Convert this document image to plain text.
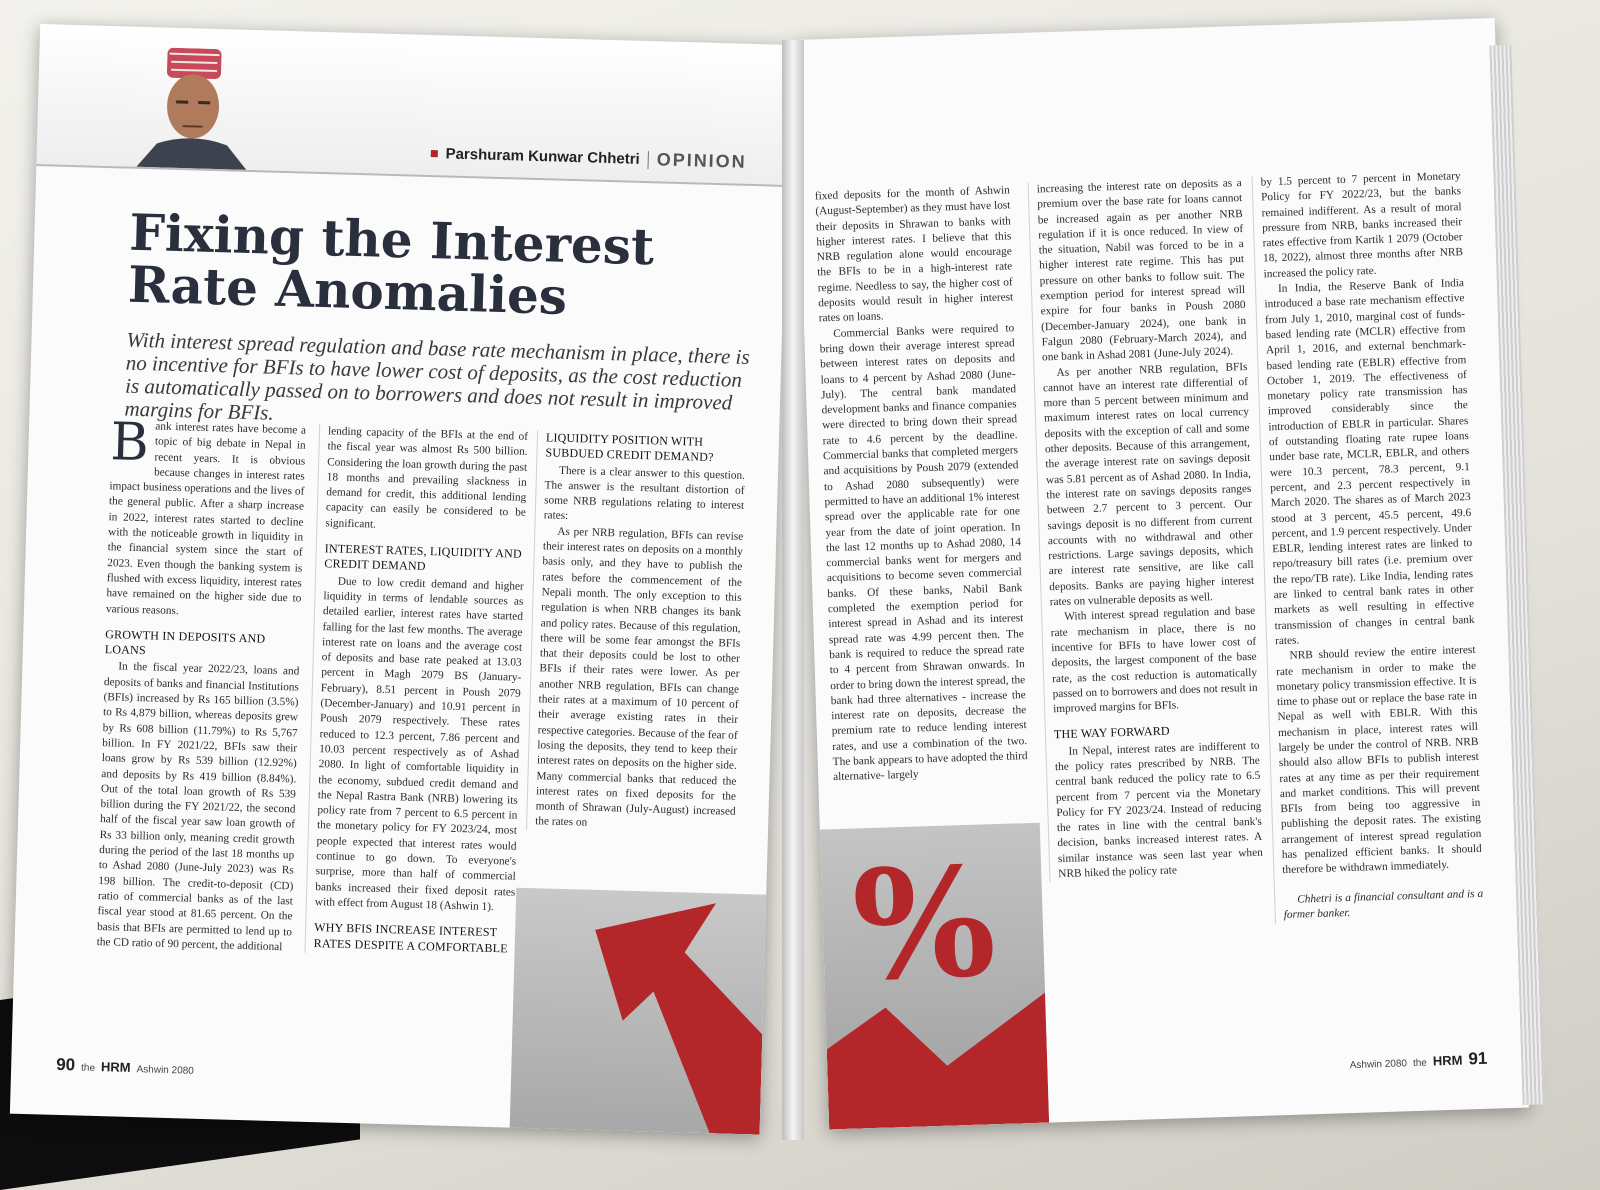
Parshuram Kunwar Chhetri OPINION
Fixing the Interest Rate Anomalies

With interest spread regulation and base rate mechanism in place, there is no incentive for BFIs to have lower cost of deposits, as the cost reduction is automatically passed on to borrowers and does not result in improved margins for BFIs.

Bank interest rates have become a topic of big debate in Nepal in recent years. It is obvious because changes in interest rates impact business operations and the lives of the general public. After a sharp increase in 2022, interest rates started to decline with the noticeable growth in liquidity in the financial system since the start of 2023. Even though the banking system is flushed with excess liquidity, interest rates have remained on the higher side due to various reasons.

GROWTH IN DEPOSITS AND LOANS

In the fiscal year 2022/23, loans and deposits of banks and financial Institutions (BFIs) increased by Rs 165 billion (3.5%) to Rs 4,879 billion, whereas deposits grew by Rs 608 billion (11.79%) to Rs 5,767 billion. In FY 2021/22, BFIs saw their loans grow by Rs 539 billion (12.92%) and deposits by Rs 419 billion (8.84%). Out of the total loan growth of Rs 539 billion during the FY 2021/22, the second half of the fiscal year saw loan growth of Rs 33 billion only, meaning credit growth during the period of the last 18 months up to Ashad 2080 (June-July 2023) was Rs 198 billion. The credit-to-deposit (CD) ratio of commercial banks as of the last fiscal year stood at 81.65 percent. On the basis that BFIs are permitted to lend up to the CD ratio of 90 percent, the additional

lending capacity of the BFIs at the end of the fiscal year was almost Rs 500 billion. Considering the loan growth during the past 18 months and prevailing slackness in demand for credit, this additional lending capacity can easily be considered to be significant.

INTEREST RATES, LIQUIDITY AND CREDIT DEMAND

Due to low credit demand and higher liquidity in terms of lendable sources as detailed earlier, interest rates have started falling for the last few months. The average interest rate on loans and the average cost of deposits and base rate peaked at 13.03 percent in Magh 2079 BS (January-February), 8.51 percent in Poush 2079 (December-January) and 10.91 percent in Poush 2079 respectively. These rates reduced to 12.3 percent, 7.86 percent and 10.03 percent respectively as of Ashad 2080. In light of comfortable liquidity in the economy, subdued credit demand and the Nepal Rastra Bank (NRB) lowering its policy rate from 7 percent to 6.5 percent in the monetary policy for FY 2023/24, most people expected that interest rates would continue to go down. To everyone's surprise, more than half of commercial banks increased their fixed deposit rates with effect from August 18 (Ashwin 1).

WHY BFIS INCREASE INTEREST RATES DESPITE A COMFORTABLE
LIQUIDITY POSITION WITH SUBDUED CREDIT DEMAND?

There is a clear answer to this question. The answer is the resultant distortion of some NRB regulations relating to interest rates:

As per NRB regulation, BFIs can revise their interest rates on deposits on a monthly basis only, and they have to publish the rates before the commencement of the Nepali month. The only exception to this regulation is when NRB changes its bank and policy rates. Because of this regulation, there will be some fear amongst the BFIs that their deposits could be lost to other BFIs if their rates were lower. As per another NRB regulation, BFIs can change their rates at a maximum of 10 percent of their average existing rates in their respective categories. Because of the fear of losing the deposits, they tend to keep their interest rates on deposits on the higher side. Many commercial banks that reduced the interest rates on fixed deposits for the month of Shrawan (July-August) increased the rates on

90 the HRM Ashwin 2080

fixed deposits for the month of Ashwin (August-September) as they must have lost their deposits in Shrawan to banks with higher interest rates. I believe that this NRB regulation alone would encourage the BFIs to be in a high-interest rate regime. Needless to say, the higher cost of deposits would result in higher interest rates on loans.

Commercial Banks were required to bring down their average interest spread between interest rates on deposits and loans to 4 percent by Ashad 2080 (June-July). The central bank mandated development banks and finance companies were directed to bring down their spread rate to 4.6 percent by the deadline. Commercial banks that completed mergers and acquisitions by Poush 2079 (extended to Ashad 2080 subsequently) were permitted to have an additional 1% interest spread over the applicable rate for one year from the date of joint operation. In the last 12 months up to Ashad 2080, 14 commercial banks went for mergers and acquisitions to become seven commercial banks. Of these banks, Nabil Bank completed the exemption period for interest spread in Ashad and its interest spread rate was 4.99 percent then. The bank is required to reduce the spread rate to 4 percent from Shrawan onwards. In order to bring down the interest spread, the bank had three alternatives - increase the interest rate on deposits, decrease the premium rate to reduce lending interest rates, and use a combination of the two. The bank appears to have adopted the third alternative- largely

%

increasing the interest rate on deposits as a premium over the base rate for loans cannot be increased again as per another NRB regulation if it is once reduced. In view of the situation, Nabil was forced to be in a higher interest rate regime. This has put pressure on other banks to follow suit. The exemption period for interest spread will expire for four banks in Poush 2080 (December-January 2024), one bank in Falgun 2080 (February-March 2024), and one bank in Ashad 2081 (June-July 2024).

As per another NRB regulation, BFIs cannot have an interest rate differential of more than 5 percent between minimum and maximum interest rates on local currency deposits with the exception of call and some other deposits. Because of this arrangement, the average interest rate on savings deposit was 5.81 percent as of Ashad 2080. In India, the interest rate on savings deposits ranges between 2.7 percent to 3 percent. Our savings deposit is no different from current accounts with no withdrawal and other restrictions. Large savings deposits, which are interest rate sensitive, are like call deposits. Banks are paying higher interest rates on vulnerable deposits as well.

With interest spread regulation and base rate mechanism in place, there is no incentive for BFIs to have lower cost of deposits, the largest component of the base rate, as the cost reduction is automatically passed on to borrowers and does not result in improved margins for BFIs.

THE WAY FORWARD

In Nepal, interest rates are indifferent to the policy rates prescribed by NRB. The central bank reduced the policy rate to 6.5 percent from 7 percent via the Monetary Policy for FY 2023/24. Instead of reducing the rates in line with the central bank's decision, banks increased interest rates. A similar instance was seen last year when NRB hiked the policy rate

by 1.5 percent to 7 percent in Monetary Policy for FY 2022/23, but the banks remained indifferent. As a result of moral pressure from NRB, banks increased their rates effective from Kartik 1 2079 (October 18, 2022), almost three months after NRB increased the policy rate.

In India, the Reserve Bank of India introduced a base rate mechanism effective from July 1, 2010, marginal cost of funds-based lending rate (MCLR) effective from April 1, 2016, and external benchmark-based lending rate (EBLR) effective from October 1, 2019. The effectiveness of monetary policy rate transmission has improved considerably since the introduction of EBLR in particular. Shares of outstanding floating rate rupee loans under base rate, MCLR, EBLR, and others were 10.3 percent, 78.3 percent, 9.1 percent, and 2.3 percent respectively in March 2020. The shares as of March 2023 stood at 3 percent, 45.5 percent, 49.6 percent, and 1.9 percent respectively. Under EBLR, lending interest rates are linked to repo/treasury bill rates (i.e. premium over the repo/TB rate). Like India, lending rates are linked to central bank rates in other markets as well resulting in effective transmission of changes in central bank rates.

NRB should review the entire interest rate mechanism in order to make the monetary policy transmission effective. It is time to phase out or replace the base rate in Nepal as well with EBLR. With this mechanism in place, interest rates will largely be under the control of NRB. NRB should also allow BFIs to publish interest rates at any time as per their requirement and market conditions. This will prevent BFIs from being too aggressive in publishing the deposit rates. The existing arrangement of interest spread regulation has penalized efficient banks. It should therefore be withdrawn immediately.

Chhetri is a financial consultant and is a former banker.

Ashwin 2080 the HRM 91
